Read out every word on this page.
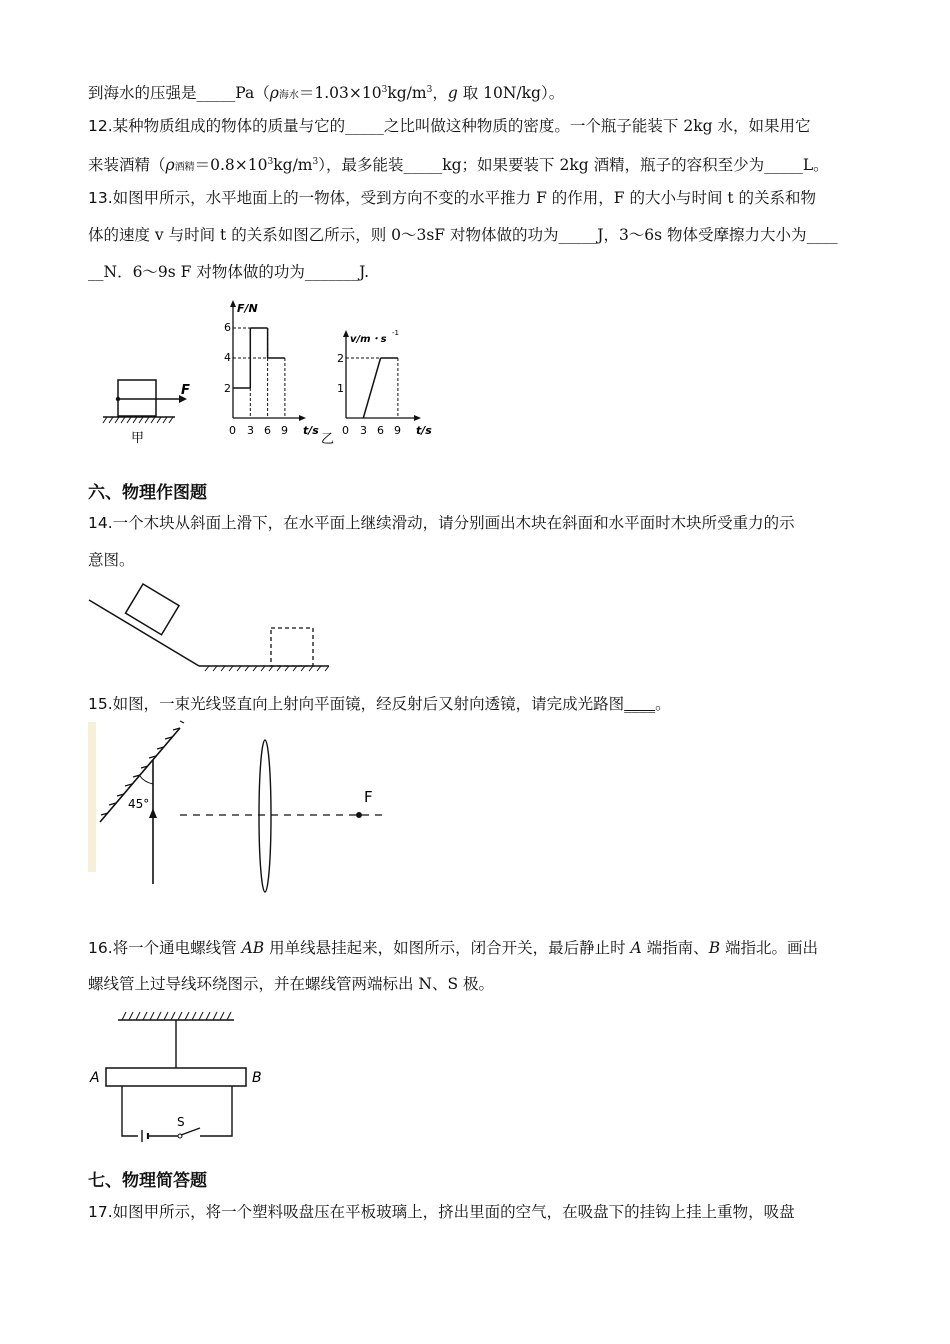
到海水的压强是_____Pa（ρ海水$=1.03\times 10^3kg/m^3$，g 取 10N/kg）。
12.某种物质组成的物体的质量与它的_____之比叫做这种物质的密度。一个瓶子能装下 2kg 水，如果用它
来装酒精（ρ酒精$=0.8\times 10^3kg/m^3$），最多能装_____kg；如果要装下 2kg 酒精，瓶子的容积至少为_____L。
13.如图甲所示，水平地面上的一物体，受到方向不变的水平推力 F 的作用，F 的大小与时间 t 的关系和物
体的速度 v 与时间 t 的关系如图乙所示，则 0～3sF 对物体做的功为_____J，3～6s 物体受摩擦力大小为____
__N．6～9s F 对物体做的功为_______J.
F
甲
F/N
t/s
2
4
6
0 3 6 9
乙
v/m・s
-1
t/s
1
2
0 3 6 9
六、物理作图题
14.一个木块从斜面上滑下，在水平面上继续滑动，请分别画出木块在斜面和水平面时木块所受重力的示
意图。
15.如图，一束光线竖直向上射向平面镜，经反射后又射向透镜，请完成光路图____。
45°	F
16.将一个通电螺线管 AB 用单线悬挂起来，如图所示，闭合开关，最后静止时 A 端指南、B 端指北。画出
螺线管上过导线环绕图示，并在螺线管两端标出 N、S 极。
A	B
S
七、物理简答题
17.如图甲所示，将一个塑料吸盘压在平板玻璃上，挤出里面的空气，在吸盘下的挂钩上挂上重物，吸盘
